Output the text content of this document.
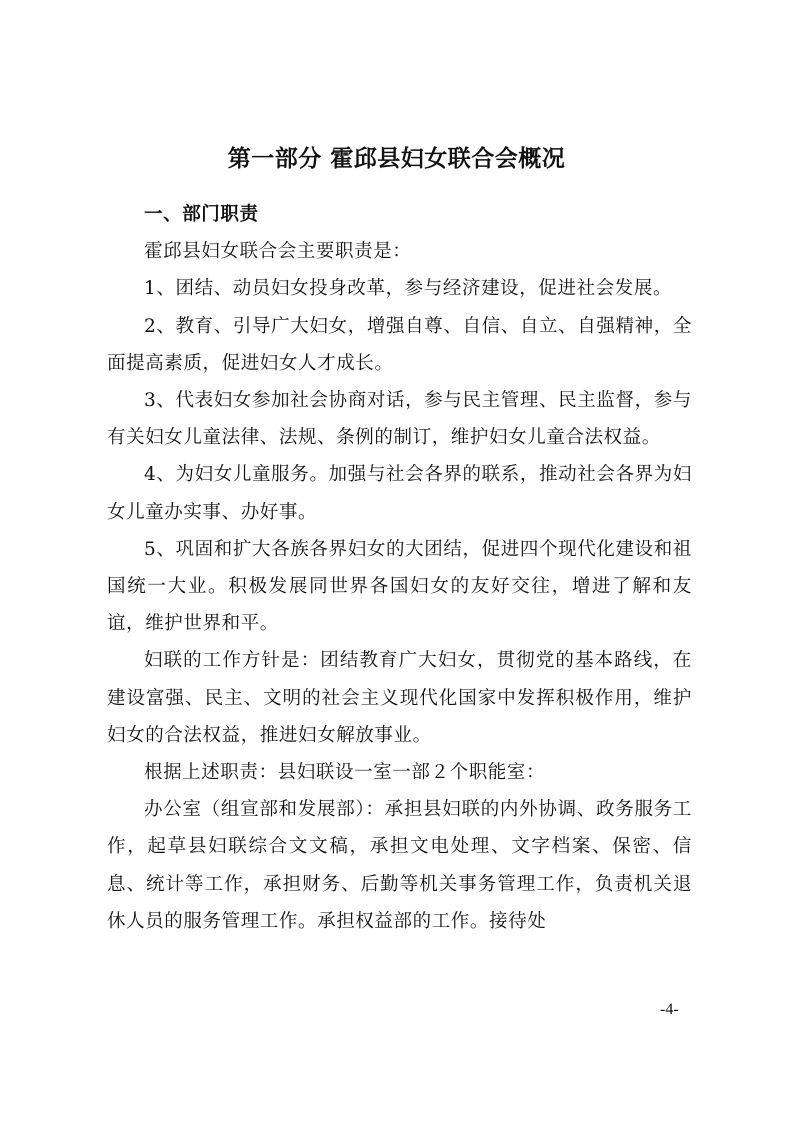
第一部分 霍邱县妇女联合会概况

一、部门职责

霍邱县妇女联合会主要职责是：

1、团结、动员妇女投身改革，参与经济建设，促进社会发展。

2、教育、引导广大妇女，增强自尊、自信、自立、自强精神，全面提高素质，促进妇女人才成长。

3、代表妇女参加社会协商对话，参与民主管理、民主监督，参与有关妇女儿童法律、法规、条例的制订，维护妇女儿童合法权益。

4、为妇女儿童服务。加强与社会各界的联系，推动社会各界为妇女儿童办实事、办好事。

5、巩固和扩大各族各界妇女的大团结，促进四个现代化建设和祖国统一大业。积极发展同世界各国妇女的友好交往，增进了解和友谊，维护世界和平。

妇联的工作方针是：团结教育广大妇女，贯彻党的基本路线，在建设富强、民主、文明的社会主义现代化国家中发挥积极作用，维护妇女的合法权益，推进妇女解放事业。

根据上述职责：县妇联设一室一部２个职能室：

办公室（组宣部和发展部）：承担县妇联的内外协调、政务服务工作，起草县妇联综合文文稿，承担文电处理、文字档案、保密、信息、统计等工作，承担财务、后勤等机关事务管理工作，负责机关退休人员的服务管理工作。承担权益部的工作。接待处

-4-
